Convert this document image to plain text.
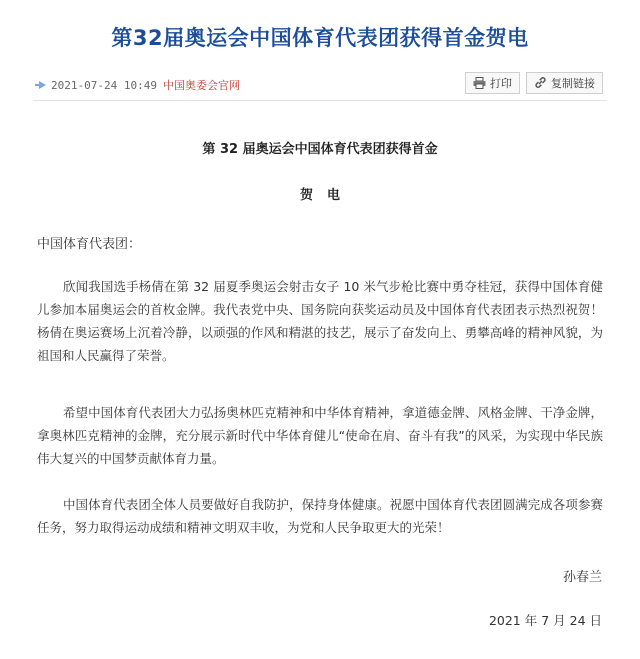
第32届奥运会中国体育代表团获得首金贺电
2021-07-24 10:49 中国奥委会官网	打印	复制链接
第 32 届奥运会中国体育代表团获得首金
贺电
中国体育代表团：

欣闻我国选手杨倩在第 32 届夏季奥运会射击女子 10 米气步枪比赛中勇夺桂冠，获得中国体育健儿参加本届奥运会的首枚金牌。我代表党中央、国务院向获奖运动员及中国体育代表团表示热烈祝贺！杨倩在奥运赛场上沉着冷静，以顽强的作风和精湛的技艺，展示了奋发向上、勇攀高峰的精神风貌，为祖国和人民赢得了荣誉。

希望中国体育代表团大力弘扬奥林匹克精神和中华体育精神，拿道德金牌、风格金牌、干净金牌，拿奥林匹克精神的金牌，充分展示新时代中华体育健儿“使命在肩、奋斗有我”的风采，为实现中华民族伟大复兴的中国梦贡献体育力量。

中国体育代表团全体人员要做好自我防护，保持身体健康。祝愿中国体育代表团圆满完成各项参赛任务，努力取得运动成绩和精神文明双丰收，为党和人民争取更大的光荣！

孙春兰
2021 年 7 月 24 日
